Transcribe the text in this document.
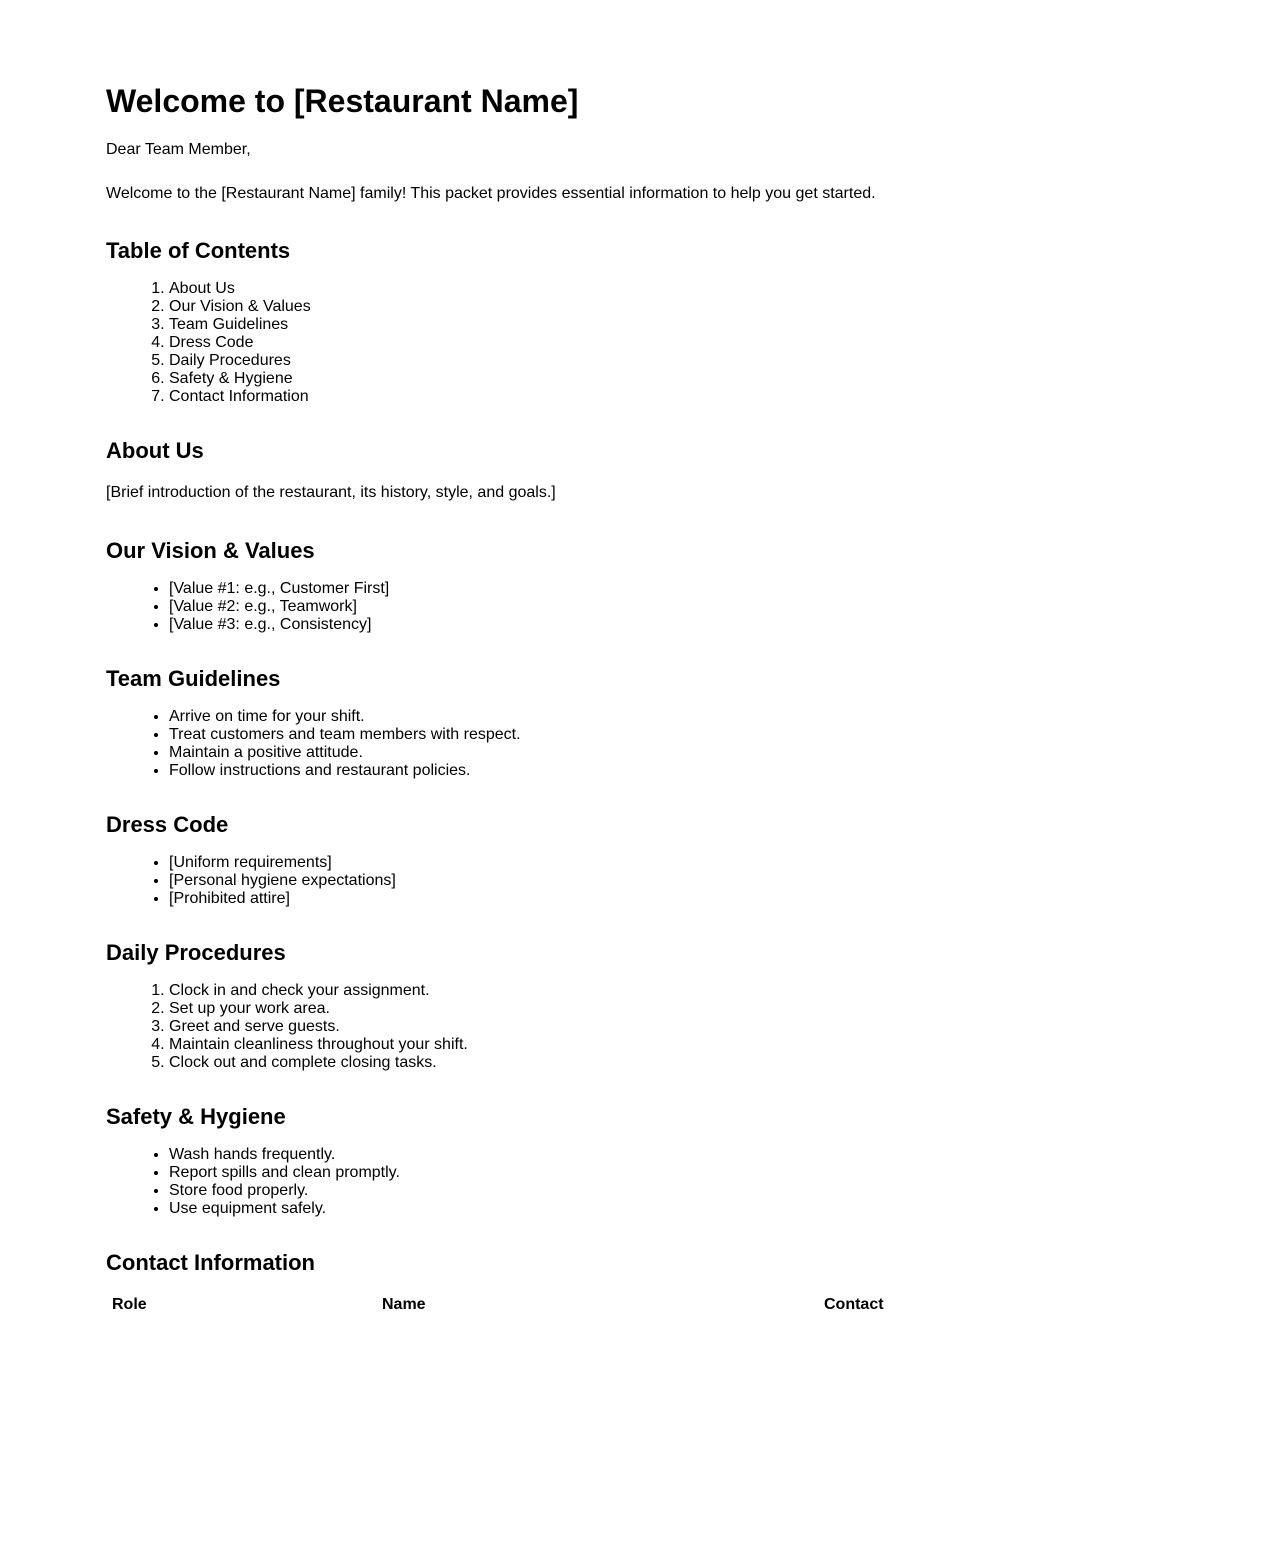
Welcome to [Restaurant Name]

Dear Team Member,

Welcome to the [Restaurant Name] family! This packet provides essential information to help you get started.

Table of Contents
1. About Us
2. Our Vision & Values
3. Team Guidelines
4. Dress Code
5. Daily Procedures
6. Safety & Hygiene
7. Contact Information
About Us

[Brief introduction of the restaurant, its history, style, and goals.]

Our Vision & Values
• [Value #1: e.g., Customer First]
• [Value #2: e.g., Teamwork]
• [Value #3: e.g., Consistency]
Team Guidelines
• Arrive on time for your shift.
• Treat customers and team members with respect.
• Maintain a positive attitude.
• Follow instructions and restaurant policies.
Dress Code
• [Uniform requirements]
• [Personal hygiene expectations]
• [Prohibited attire]
Daily Procedures
1. Clock in and check your assignment.
2. Set up your work area.
3. Greet and serve guests.
4. Maintain cleanliness throughout your shift.
5. Clock out and complete closing tasks.
Safety & Hygiene
• Wash hands frequently.
• Report spills and clean promptly.
• Store food properly.
• Use equipment safely.
Contact Information
Role	Name	Contact
